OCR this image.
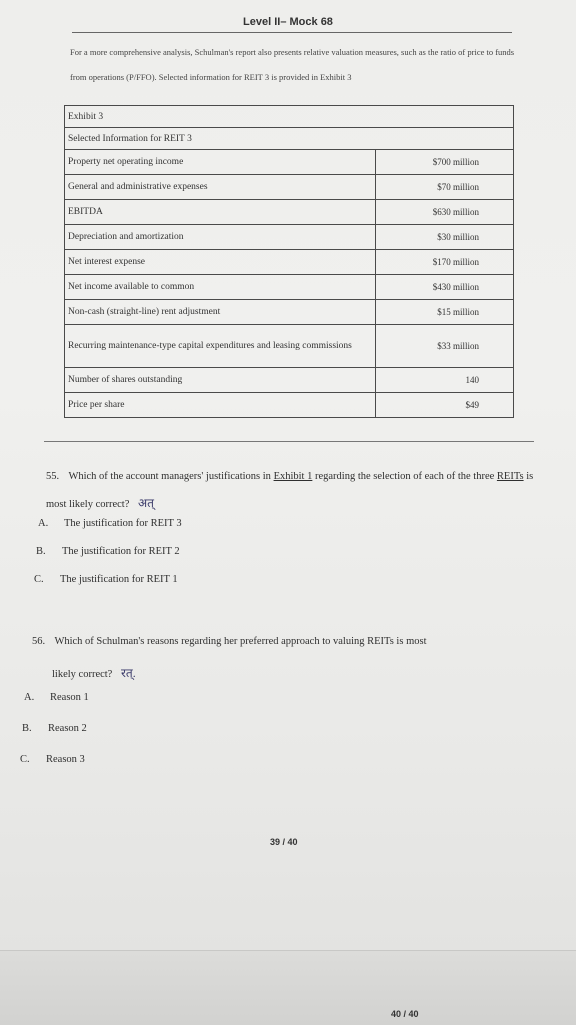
Level II– Mock 68
For a more comprehensive analysis, Schulman's report also presents relative valuation measures, such as the ratio of price to funds from operations (P/FFO). Selected information for REIT 3 is provided in Exhibit 3
Exhibit 3	
Selected Information for REIT 3	
Property net operating income	$700 million
General and administrative expenses	$70 million
EBITDA	$630 million
Depreciation and amortization	$30 million
Net interest expense	$170 million
Net income available to common	$430 million
Non-cash (straight-line) rent adjustment	$15 million
Recurring maintenance-type capital expenditures and leasing commissions	$33 million
Number of shares outstanding	140
Price per share	$49
55. Which of the account managers' justifications in Exhibit 1 regarding the selection of each of the three REITs is most likely correct? अत्
A. The justification for REIT 3
B. The justification for REIT 2
C. The justification for REIT 1
56. Which of Schulman's reasons regarding her preferred approach to valuing REITs is most
likely correct? रत्.
A. Reason 1
B. Reason 2
C. Reason 3
39 / 40
40 / 40
